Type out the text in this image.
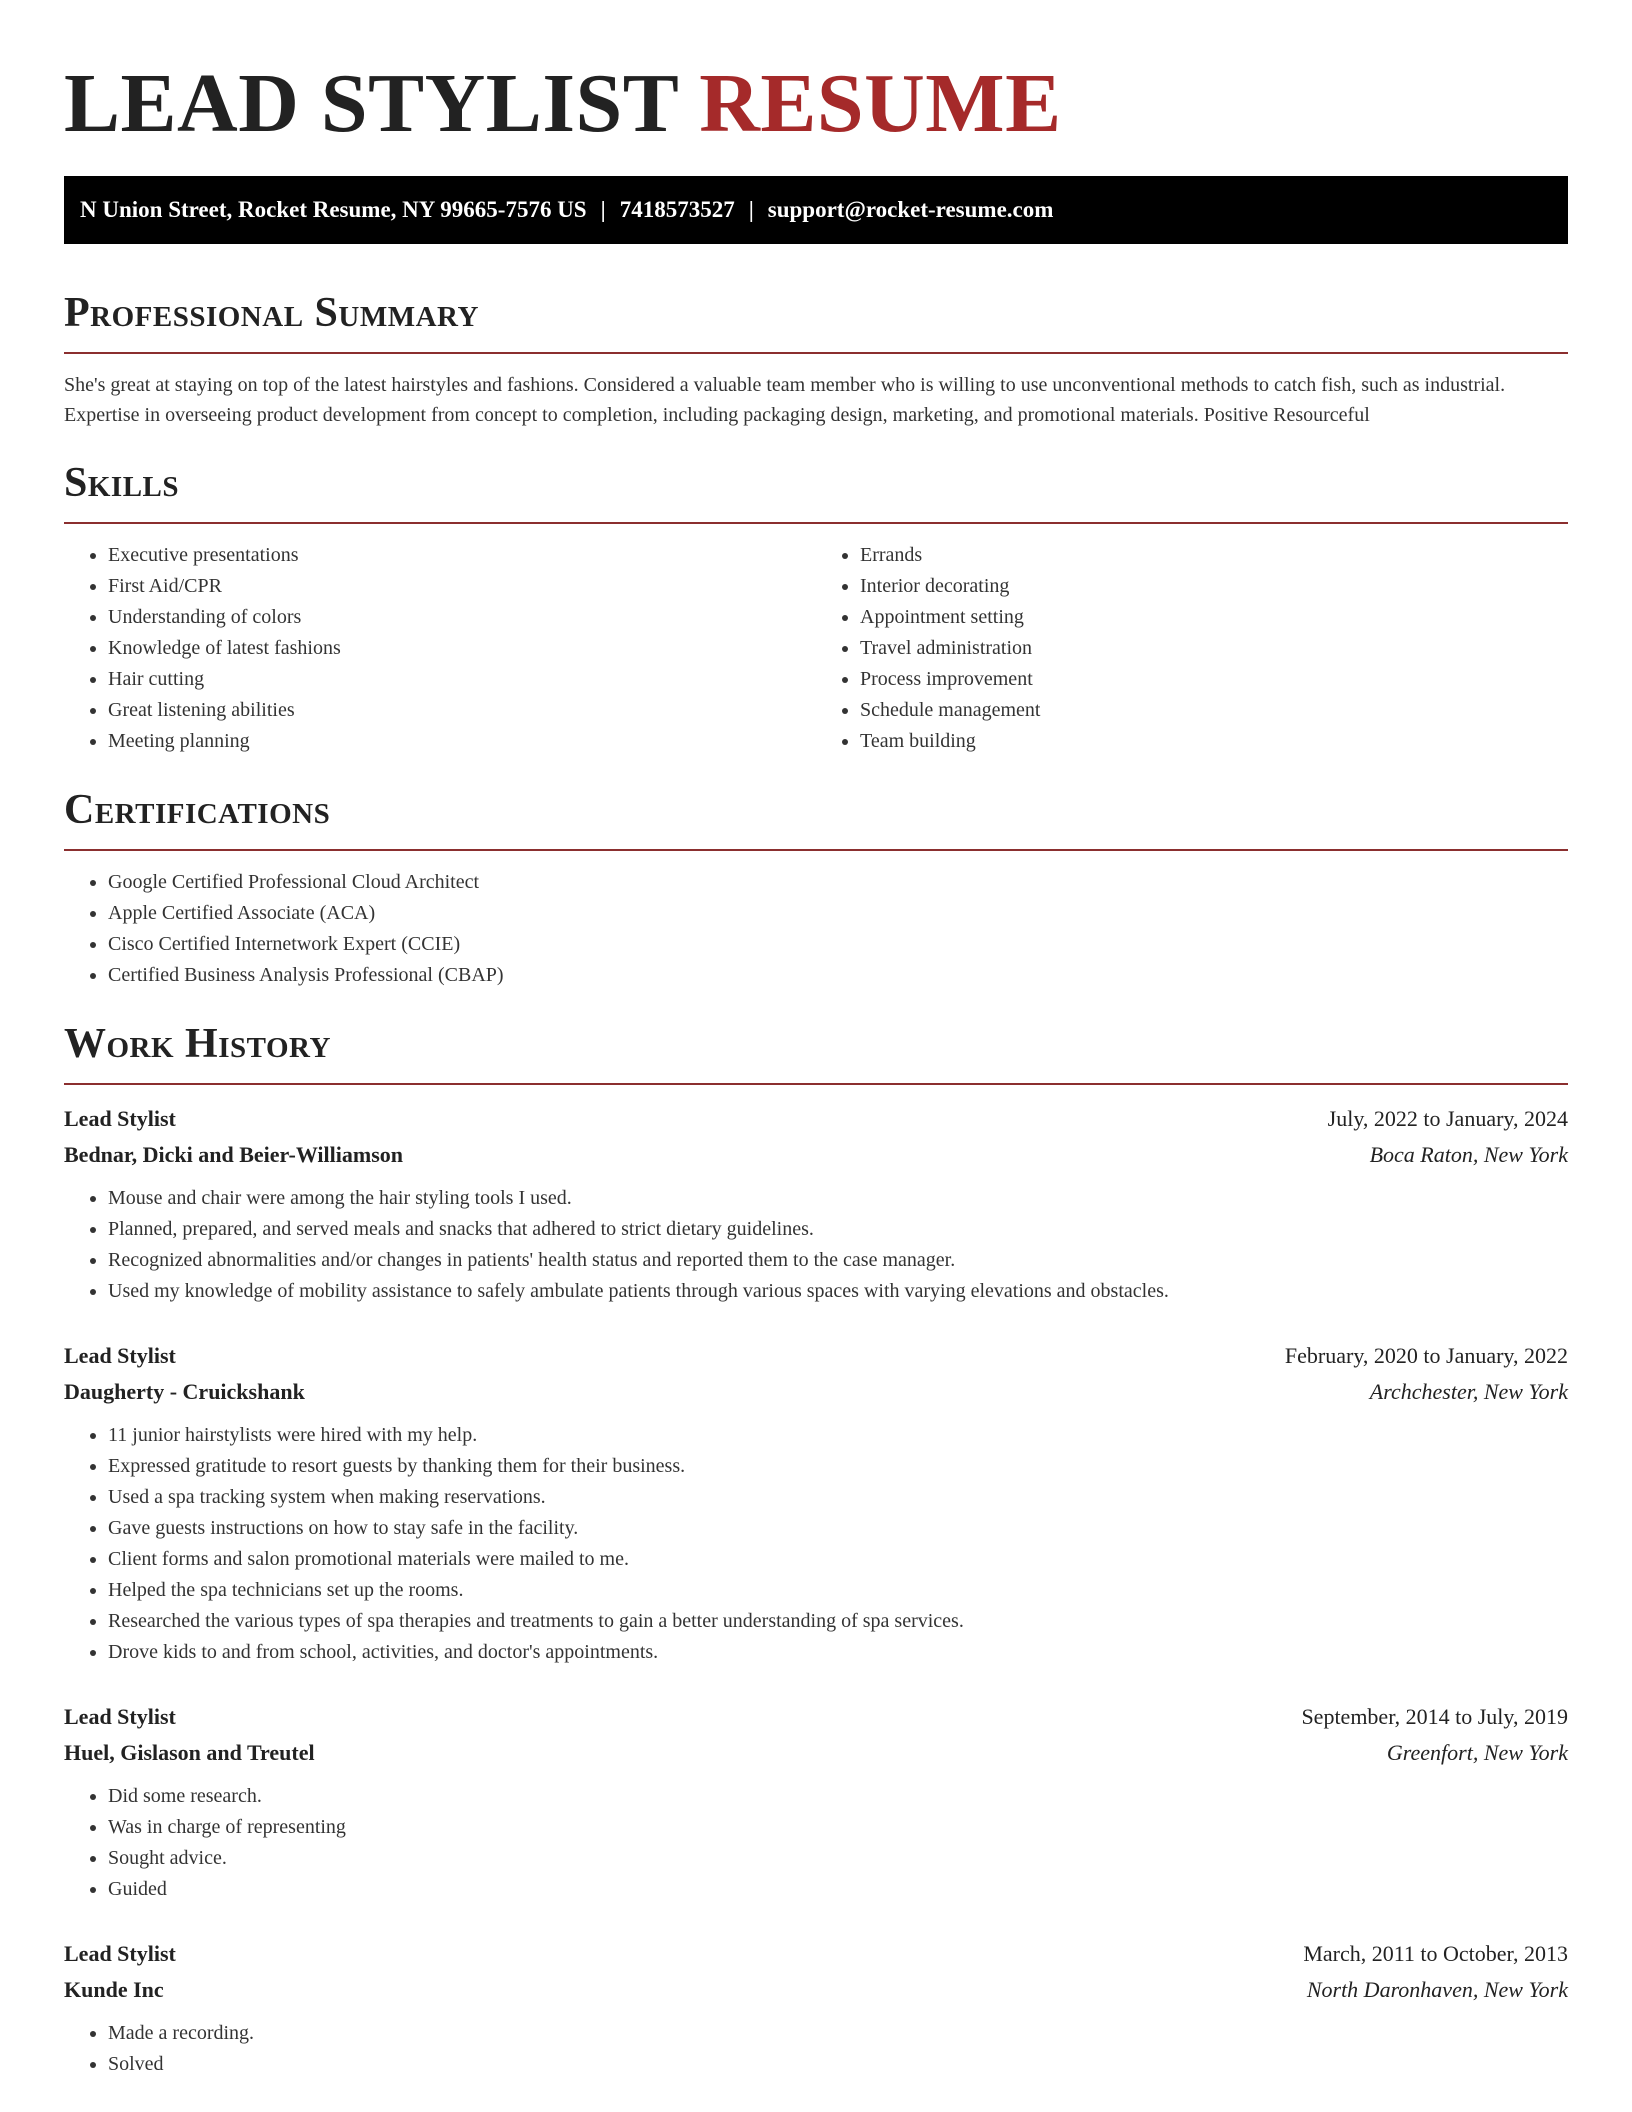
LEAD STYLIST RESUME
N Union Street, Rocket Resume, NY 99665-7576 US | 7418573527 | support@rocket-resume.com
Professional Summary

She's great at staying on top of the latest hairstyles and fashions. Considered a valuable team member who is willing to use unconventional methods to catch fish, such as industrial. Expertise in overseeing product development from concept to completion, including packaging design, marketing, and promotional materials. Positive Resourceful

Skills
• Executive presentations
• First Aid/CPR
• Understanding of colors
• Knowledge of latest fashions
• Hair cutting
• Great listening abilities
• Meeting planning
• Errands
• Interior decorating
• Appointment setting
• Travel administration
• Process improvement
• Schedule management
• Team building
Certifications
• Google Certified Professional Cloud Architect
• Apple Certified Associate (ACA)
• Cisco Certified Internetwork Expert (CCIE)
• Certified Business Analysis Professional (CBAP)
Work History
Lead Stylist	July, 2022 to January, 2024
Bednar, Dicki and Beier-Williamson	Boca Raton, New York
• Mouse and chair were among the hair styling tools I used.
• Planned, prepared, and served meals and snacks that adhered to strict dietary guidelines.
• Recognized abnormalities and/or changes in patients' health status and reported them to the case manager.
• Used my knowledge of mobility assistance to safely ambulate patients through various spaces with varying elevations and obstacles.
Lead Stylist	February, 2020 to January, 2022
Daugherty - Cruickshank	Archchester, New York
• 11 junior hairstylists were hired with my help.
• Expressed gratitude to resort guests by thanking them for their business.
• Used a spa tracking system when making reservations.
• Gave guests instructions on how to stay safe in the facility.
• Client forms and salon promotional materials were mailed to me.
• Helped the spa technicians set up the rooms.
• Researched the various types of spa therapies and treatments to gain a better understanding of spa services.
• Drove kids to and from school, activities, and doctor's appointments.
Lead Stylist	September, 2014 to July, 2019
Huel, Gislason and Treutel	Greenfort, New York
• Did some research.
• Was in charge of representing
• Sought advice.
• Guided
Lead Stylist	March, 2011 to October, 2013
Kunde Inc	North Daronhaven, New York
• Made a recording.
• Solved
